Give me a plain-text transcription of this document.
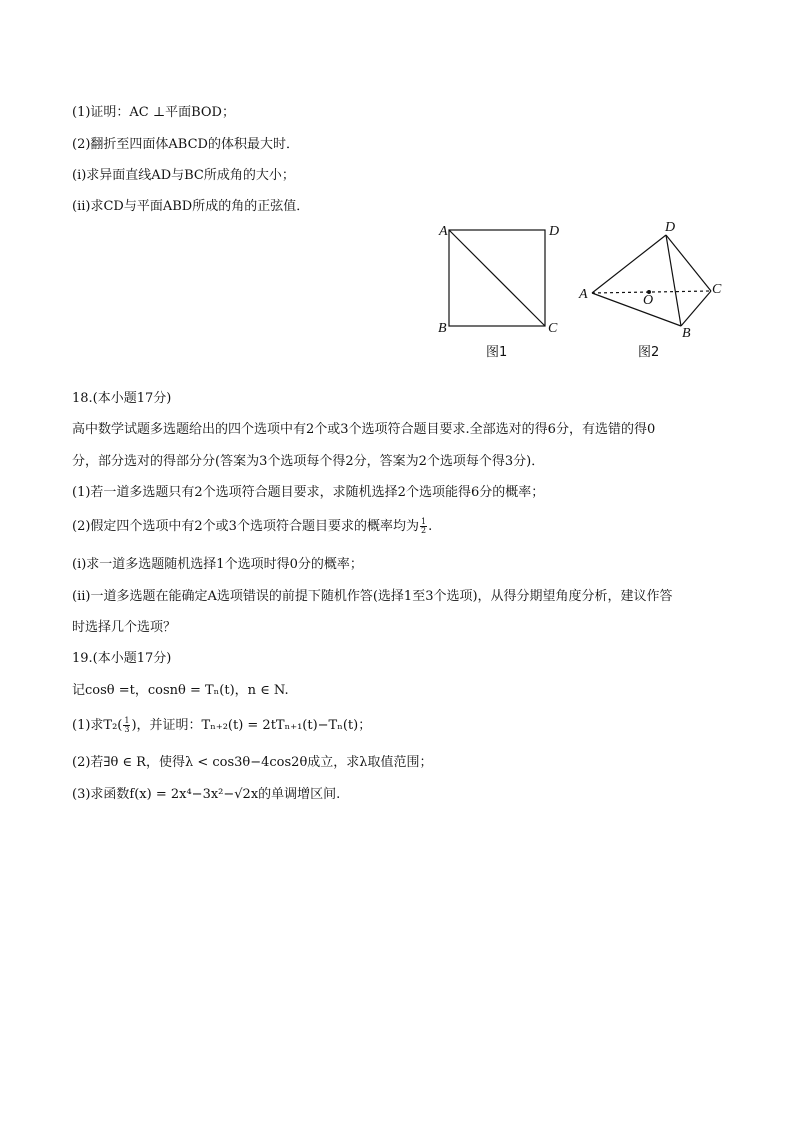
(1)证明：AC ⊥平面BOD；
(2)翻折至四面体ABCD的体积最大时．
(ⅰ)求异面直线AD与BC所成角的大小；
(ⅱ)求CD与平面ABD所成的角的正弦值．
A	D
B	C
图1
A
D
C
B
O
图2
18.(本小题17分)
高中数学试题多选题给出的四个选项中有2个或3个选项符合题目要求.全部选对的得6分，有选错的得0
分，部分选对的得部分分(答案为3个选项每个得2分，答案为2个选项每个得3分)．
(1)若一道多选题只有2个选项符合题目要求，求随机选择2个选项能得6分的概率；
(2)假定四个选项中有2个或3个选项符合题目要求的概率均为 $\frac{1}{2}$ .
(ⅰ)求一道多选题随机选择1个选项时得0分的概率；
(ⅱ)一道多选题在能确定A选项错误的前提下随机作答(选择1至3个选项)，从得分期望角度分析，建议作答
时选择几个选项？
19.(本小题17分)
记cosθ =t，cosnθ = Tₙ(t)，n ∈ N.
(1)求$T_2( \frac{1}{3}$ )，并证明：Tₙ₊₂(t) = 2tTₙ₊₁(t)−Tₙ(t)；
(2)若∃θ ∈ R，使得λ < cos3θ−4cos2θ成立，求λ取值范围；
(3)求函数f(x) = 2x⁴−3x²−√2x的单调增区间.
